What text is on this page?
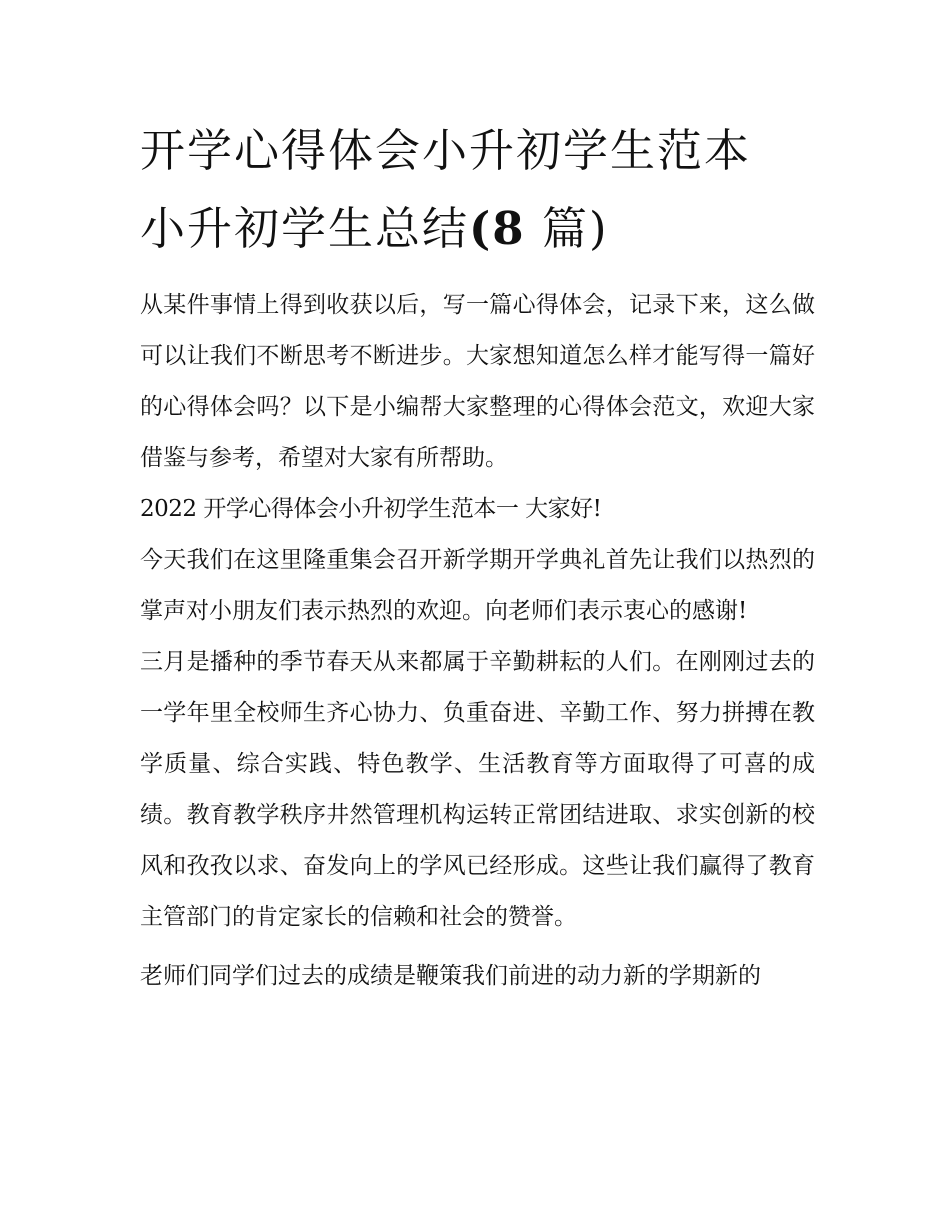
开学心得体会小升初学生范本
小升初学生总结(8 篇)

从某件事情上得到收获以后，写一篇心得体会，记录下来，这么做可以让我们不断思考不断进步。大家想知道怎么样才能写得一篇好的心得体会吗？以下是小编帮大家整理的心得体会范文，欢迎大家借鉴与参考，希望对大家有所帮助。

2022 开学心得体会小升初学生范本一 大家好!

今天我们在这里隆重集会召开新学期开学典礼首先让我们以热烈的掌声对小朋友们表示热烈的欢迎。向老师们表示衷心的感谢!

三月是播种的季节春天从来都属于辛勤耕耘的人们。在刚刚过去的一学年里全校师生齐心协力、负重奋进、辛勤工作、努力拼搏在教学质量、综合实践、特色教学、生活教育等方面取得了可喜的成绩。教育教学秩序井然管理机构运转正常团结进取、求实创新的校风和孜孜以求、奋发向上的学风已经形成。这些让我们赢得了教育主管部门的肯定家长的信赖和社会的赞誉。

老师们同学们过去的成绩是鞭策我们前进的动力新的学期新的
